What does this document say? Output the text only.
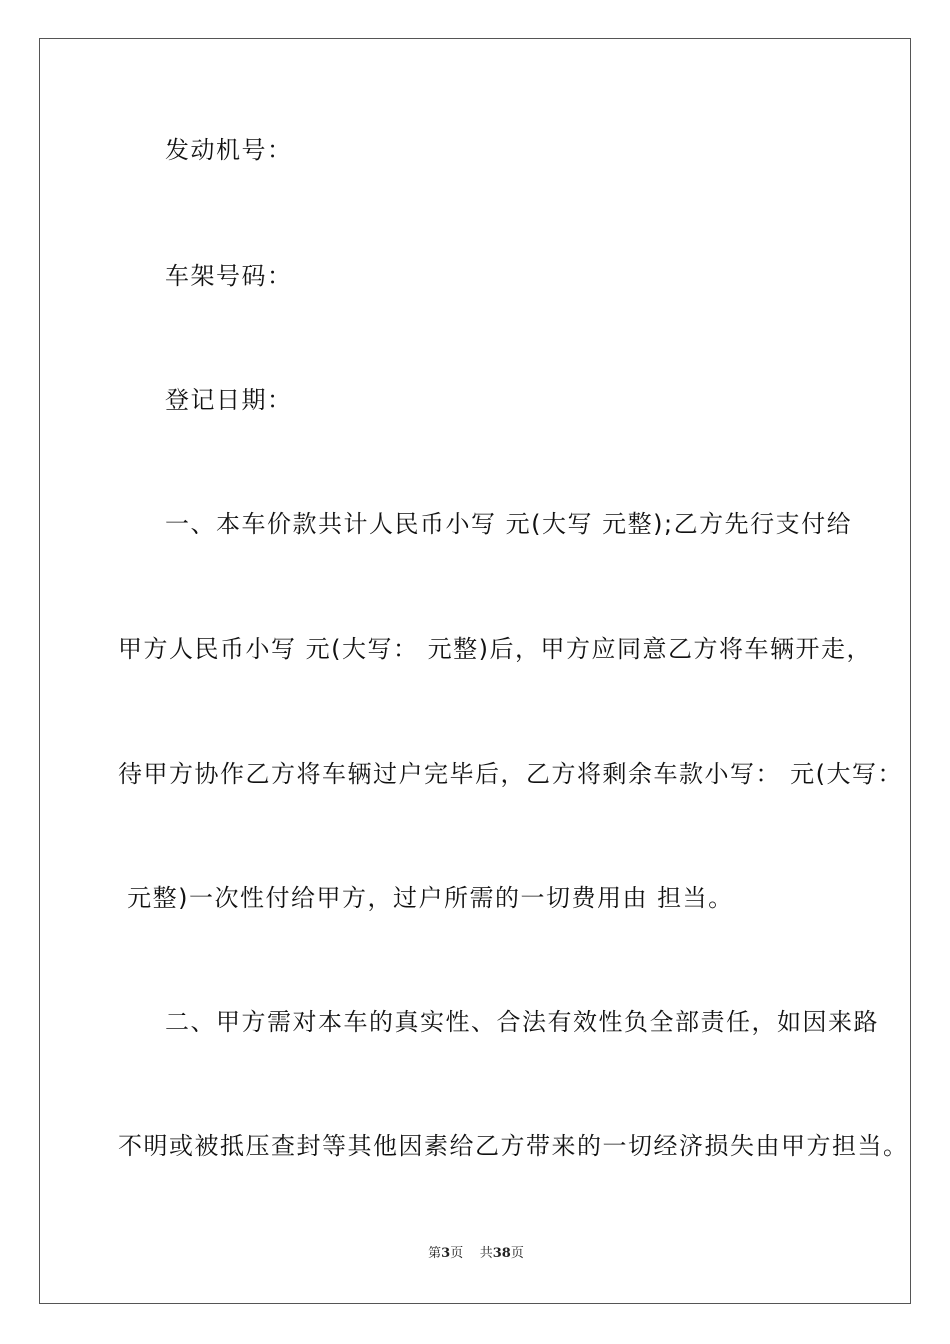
发动机号：
车架号码：
登记日期：
一、本车价款共计人民币小写 元(大写 元整);乙方先行支付给
甲方人民币小写 元(大写： 元整)后，甲方应同意乙方将车辆开走，
待甲方协作乙方将车辆过户完毕后，乙方将剩余车款小写： 元(大写：
元整)一次性付给甲方，过户所需的一切费用由 担当。
二、甲方需对本车的真实性、合法有效性负全部责任，如因来路
不明或被抵压查封等其他因素给乙方带来的一切经济损失由甲方担当。
第3页 共38页
